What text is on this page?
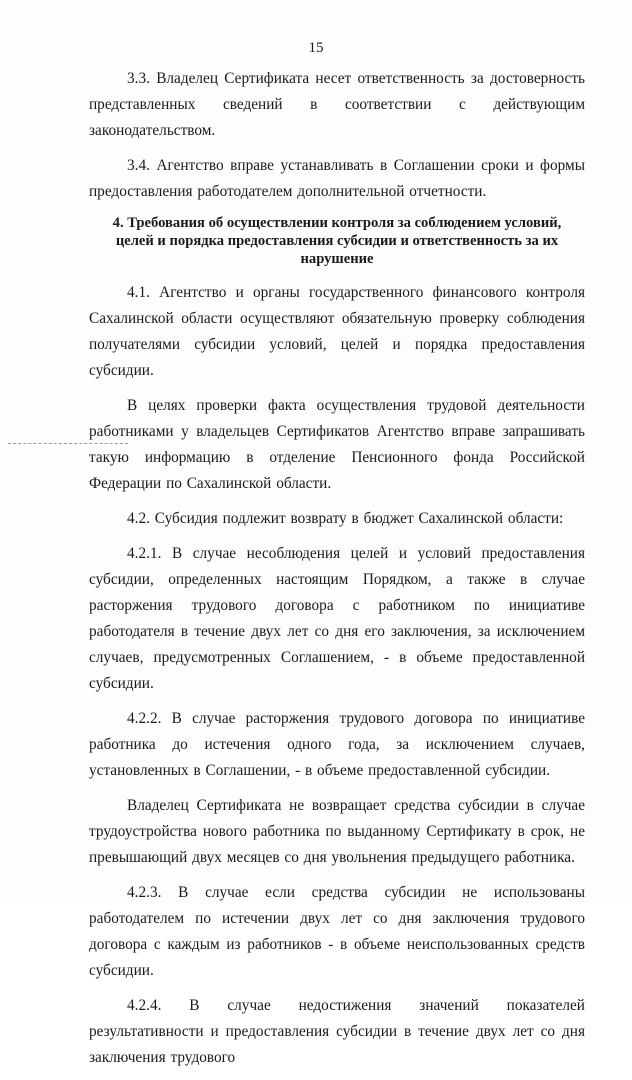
15

3.3. Владелец Сертификата несет ответственность за достоверность представленных сведений в соответствии с действующим законодательством.

3.4. Агентство вправе устанавливать в Соглашении сроки и формы предоставления работодателем дополнительной отчетности.

4. Требования об осуществлении контроля за соблюдением условий, целей и порядка предоставления субсидии и ответственность за их нарушение

4.1. Агентство и органы государственного финансового контроля Сахалинской области осуществляют обязательную проверку соблюдения получателями субсидии условий, целей и порядка предоставления субсидии.

В целях проверки факта осуществления трудовой деятельности работниками у владельцев Сертификатов Агентство вправе запрашивать такую информацию в отделение Пенсионного фонда Российской Федерации по Сахалинской области.

4.2. Субсидия подлежит возврату в бюджет Сахалинской области:

4.2.1. В случае несоблюдения целей и условий предоставления субсидии, определенных настоящим Порядком, а также в случае расторжения трудового договора с работником по инициативе работодателя в течение двух лет со дня его заключения, за исключением случаев, предусмотренных Соглашением, - в объеме предоставленной субсидии.

4.2.2. В случае расторжения трудового договора по инициативе работника до истечения одного года, за исключением случаев, установленных в Соглашении, - в объеме предоставленной субсидии.

Владелец Сертификата не возвращает средства субсидии в случае трудоустройства нового работника по выданному Сертификату в срок, не превышающий двух месяцев со дня увольнения предыдущего работника.

4.2.3. В случае если средства субсидии не использованы работодателем по истечении двух лет со дня заключения трудового договора с каждым из работников - в объеме неиспользованных средств субсидии.

4.2.4. В случае недостижения значений показателей результативности и предоставления субсидии в течение двух лет со дня заключения трудового
